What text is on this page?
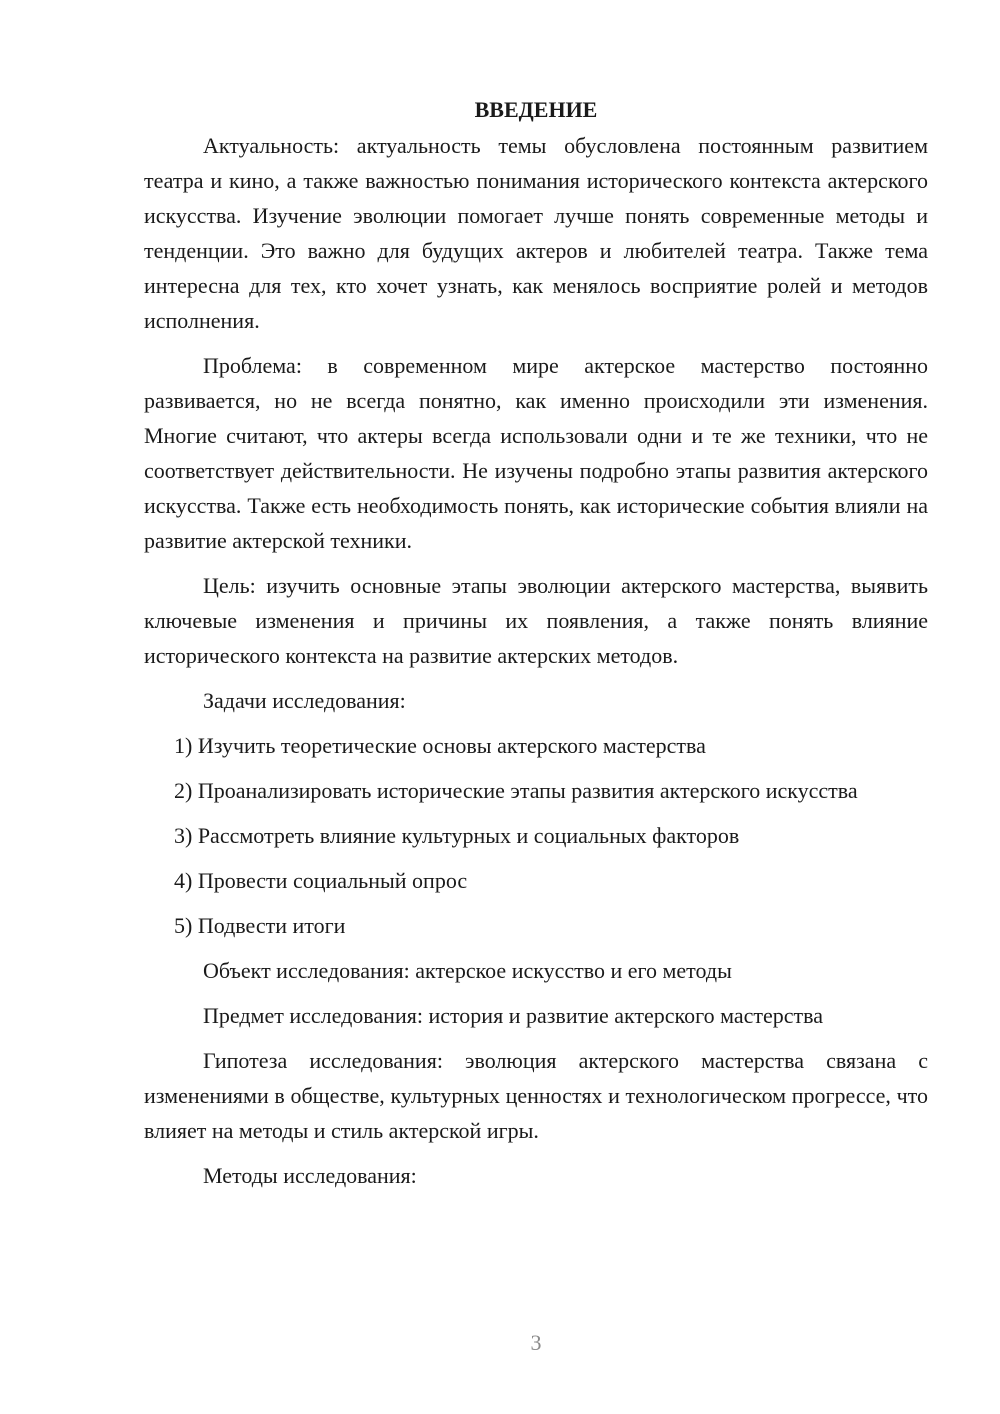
ВВЕДЕНИЕ

Актуальность: актуальность темы обусловлена постоянным развитием театра и кино, а также важностью понимания исторического контекста актерского искусства. Изучение эволюции помогает лучше понять современные методы и тенденции. Это важно для будущих актеров и любителей театра. Также тема интересна для тех, кто хочет узнать, как менялось восприятие ролей и методов исполнения.

Проблема: в современном мире актерское мастерство постоянно развивается, но не всегда понятно, как именно происходили эти изменения. Многие считают, что актеры всегда использовали одни и те же техники, что не соответствует действительности. Не изучены подробно этапы развития актерского искусства. Также есть необходимость понять, как исторические события влияли на развитие актерской техники.

Цель: изучить основные этапы эволюции актерского мастерства, выявить ключевые изменения и причины их появления, а также понять влияние исторического контекста на развитие актерских методов.

Задачи исследования:

1) Изучить теоретические основы актерского мастерства

2) Проанализировать исторические этапы развития актерского искусства

3) Рассмотреть влияние культурных и социальных факторов

4) Провести социальный опрос

5) Подвести итоги

Объект исследования: актерское искусство и его методы

Предмет исследования: история и развитие актерского мастерства

Гипотеза исследования: эволюция актерского мастерства связана с изменениями в обществе, культурных ценностях и технологическом прогрессе, что влияет на методы и стиль актерской игры.

Методы исследования:

3
